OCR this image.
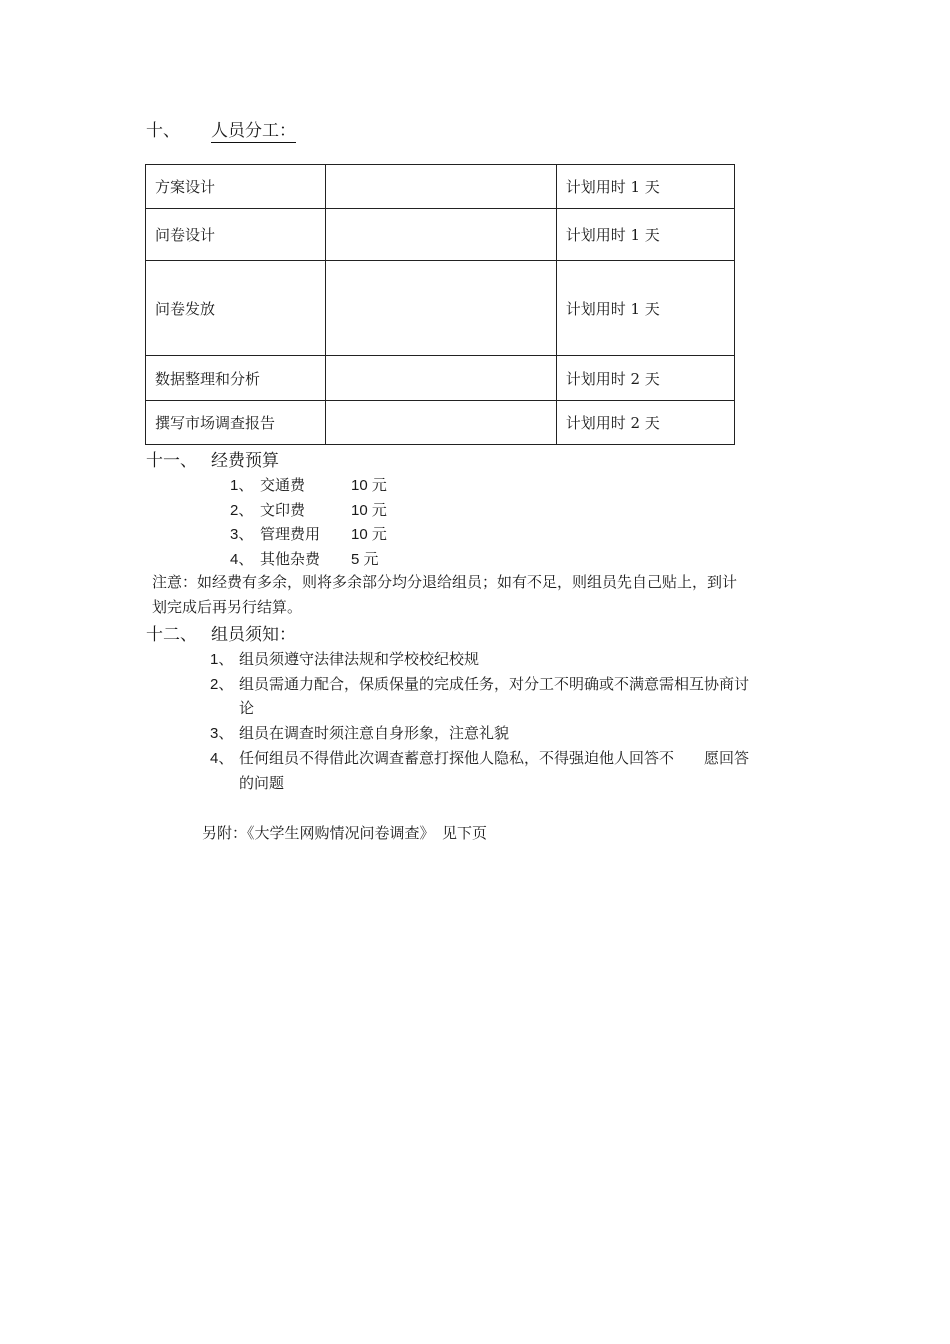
十、 人员分工：
方案设计		计划用时 1 天
问卷设计		计划用时 1 天
问卷发放		计划用时 1 天
数据整理和分析		计划用时 2 天
撰写市场调查报告		计划用时 2 天
十一、 经费预算
1、 交通费	10 元
2、 文印费	10 元
3、 管理费用 10 元
4、 其他杂费 5 元
注意：如经费有多余，则将多余部分均分退给组员；如有不足，则组员先自己贴上，到计
划完成后再另行结算。
十二、 组员须知：
1、 组员须遵守法律法规和学校校纪校规
2、 组员需通力配合，保质保量的完成任务，对分工不明确或不满意需相互协商讨
论
3、 组员在调查时须注意自身形象，注意礼貌
4、 任何组员不得借此次调查蓄意打探他人隐私，不得强迫他人回答不　　愿回答
的问题
另附：《大学生网购情况问卷调查》　见下页
